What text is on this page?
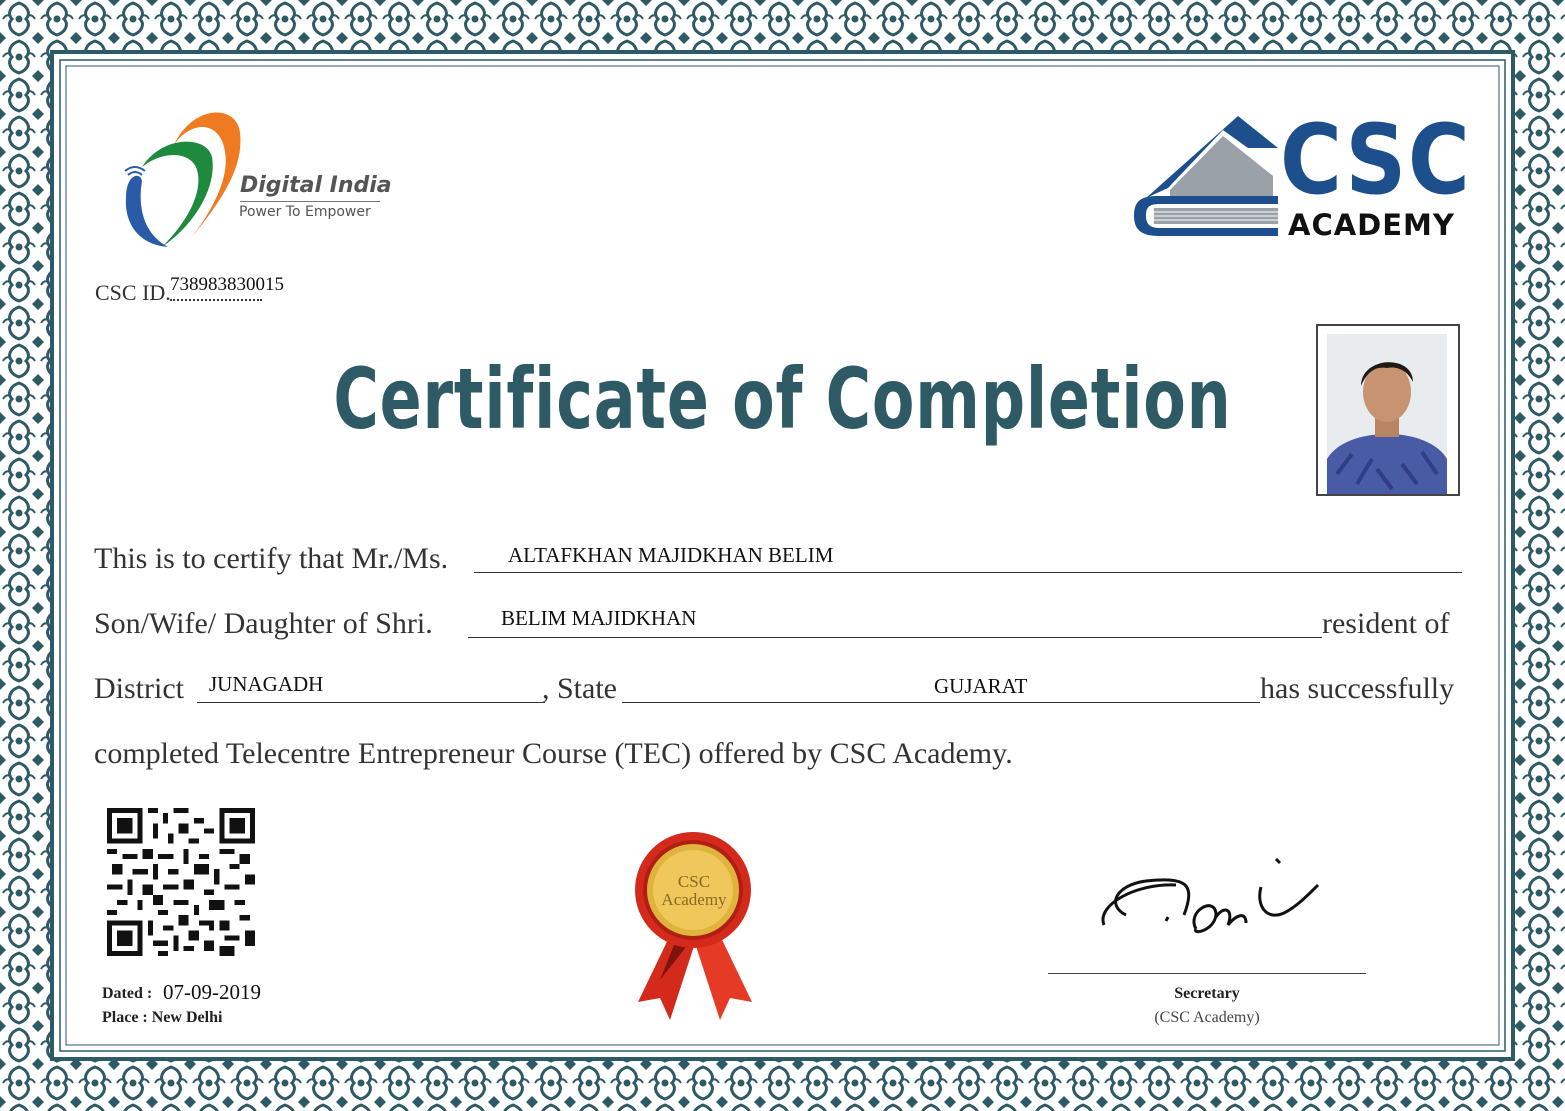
Digital India
Power To Empower	CSC
ACADEMY
CSC ID. 738983830015
Certificate of Completion
This is to certify that Mr./Ms.	ALTAFKHAN MAJIDKHAN BELIM
Son/Wife/ Daughter of Shri.	BELIM MAJIDKHAN	resident of
District JUNAGADH	, State	GUJARAT	has successfully
completed Telecentre Entrepreneur Course (TEC) offered by CSC Academy.
Dated : 07-09-2019
Place : New Delhi
CSC
Academy
Secretary
(CSC Academy)
